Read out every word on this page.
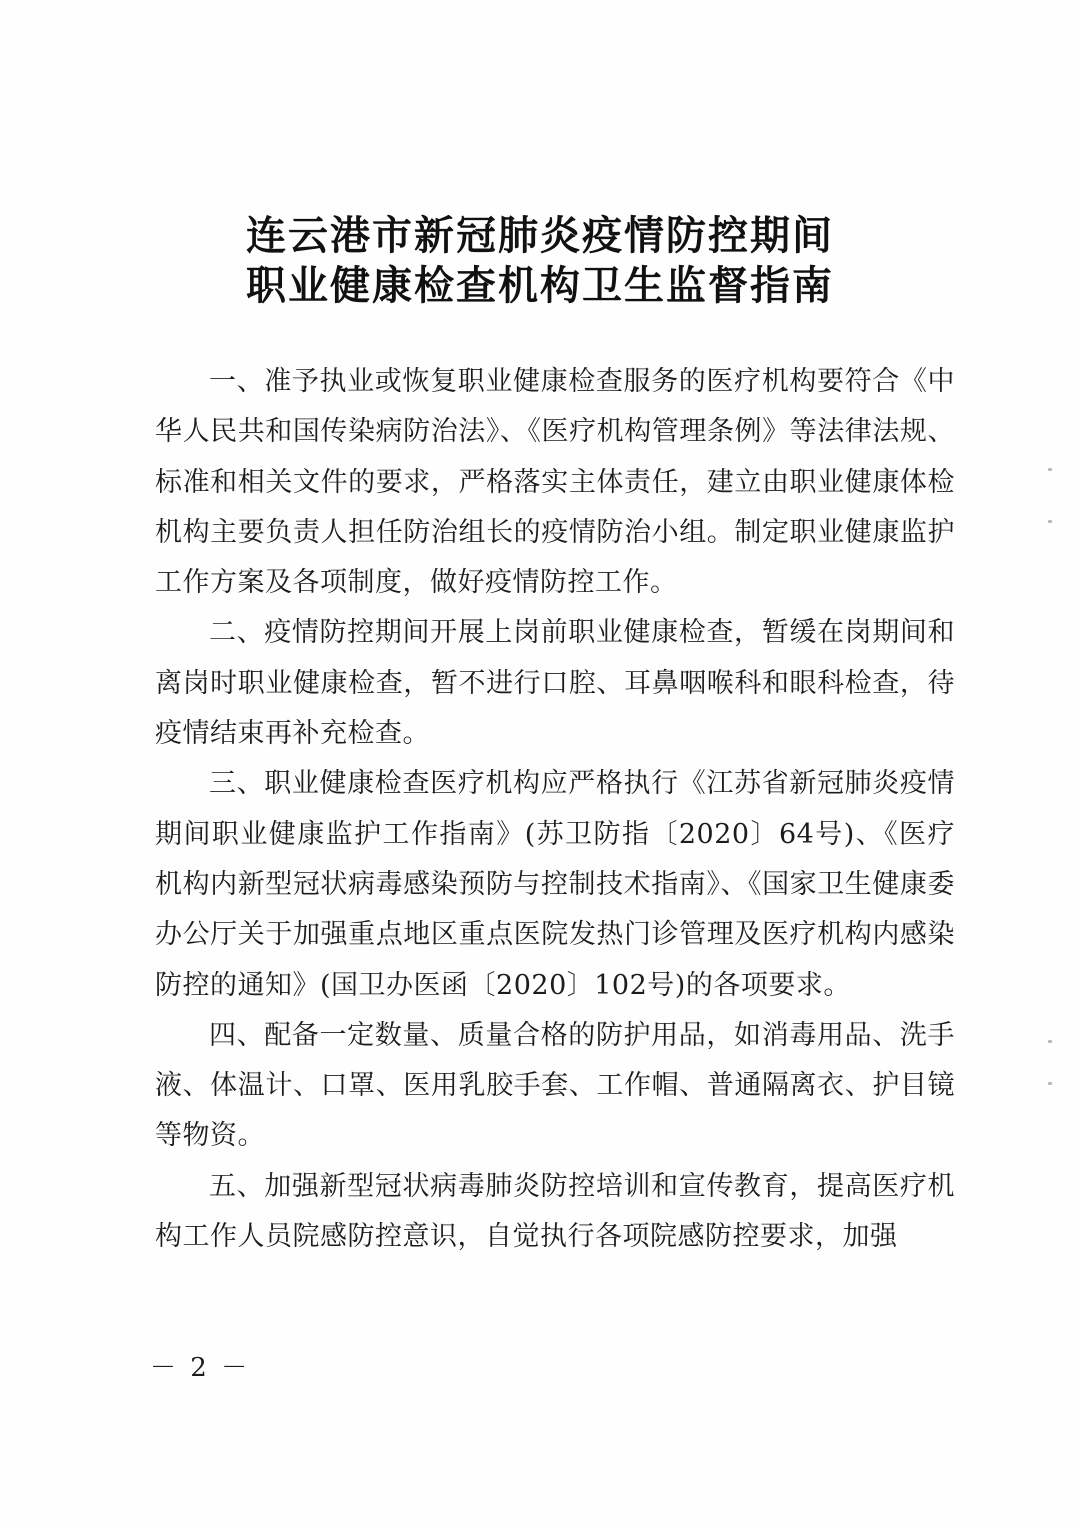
连云港市新冠肺炎疫情防控期间
职业健康检查机构卫生监督指南

一、准予执业或恢复职业健康检查服务的医疗机构要符合《中华人民共和国传染病防治法》、《医疗机构管理条例》等法律法规、标准和相关文件的要求，严格落实主体责任，建立由职业健康体检机构主要负责人担任防治组长的疫情防治小组。制定职业健康监护工作方案及各项制度，做好疫情防控工作。

二、疫情防控期间开展上岗前职业健康检查，暂缓在岗期间和离岗时职业健康检查，暂不进行口腔、耳鼻咽喉科和眼科检查，待疫情结束再补充检查。

三、职业健康检查医疗机构应严格执行《江苏省新冠肺炎疫情期间职业健康监护工作指南》(苏卫防指〔2020〕64号)、《医疗机构内新型冠状病毒感染预防与控制技术指南》、《国家卫生健康委办公厅关于加强重点地区重点医院发热门诊管理及医疗机构内感染防控的通知》(国卫办医函〔2020〕102号)的各项要求。

四、配备一定数量、质量合格的防护用品，如消毒用品、洗手液、体温计、口罩、医用乳胶手套、工作帽、普通隔离衣、护目镜等物资。

五、加强新型冠状病毒肺炎防控培训和宣传教育，提高医疗机构工作人员院感防控意识，自觉执行各项院感防控要求，加强

－ 2 －
